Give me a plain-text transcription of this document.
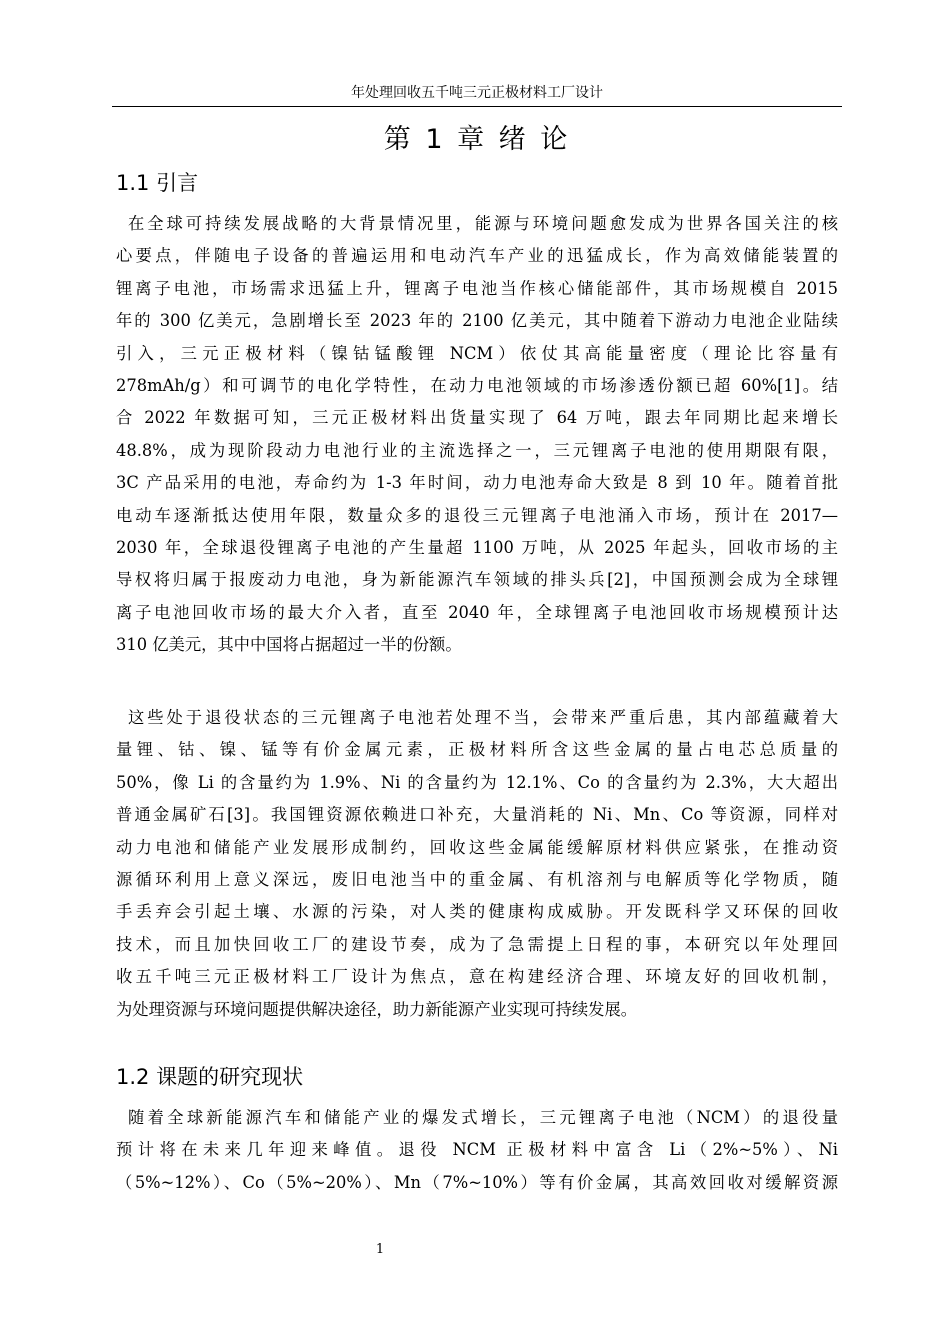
年处理回收五千吨三元正极材料工厂设计
第 1 章 绪 论
1.1 引言

在全球可持续发展战略的大背景情况里，能源与环境问题愈发成为世界各国关注的核
心要点，伴随电子设备的普遍运用和电动汽车产业的迅猛成长，作为高效储能装置的
锂离子电池，市场需求迅猛上升，锂离子电池当作核心储能部件，其市场规模自 2015
年的 300 亿美元，急剧增长至 2023 年的 2100 亿美元，其中随着下游动力电池企业陆续
引入，三元正极材料（镍钴锰酸锂 NCM）依仗其高能量密度（理论比容量有
278mAh/g）和可调节的电化学特性，在动力电池领域的市场渗透份额已超 60%[1]。结
合 2022 年数据可知，三元正极材料出货量实现了 64 万吨，跟去年同期比起来增长
48.8%，成为现阶段动力电池行业的主流选择之一，三元锂离子电池的使用期限有限，
3C 产品采用的电池，寿命约为 1-3 年时间，动力电池寿命大致是 8 到 10 年。随着首批
电动车逐渐抵达使用年限，数量众多的退役三元锂离子电池涌入市场，预计在 2017—
2030 年，全球退役锂离子电池的产生量超 1100 万吨，从 2025 年起头，回收市场的主
导权将归属于报废动力电池，身为新能源汽车领域的排头兵[2]，中国预测会成为全球锂
离子电池回收市场的最大介入者，直至 2040 年，全球锂离子电池回收市场规模预计达
310 亿美元，其中中国将占据超过一半的份额。

这些处于退役状态的三元锂离子电池若处理不当，会带来严重后患，其内部蕴藏着大
量锂、钴、镍、锰等有价金属元素，正极材料所含这些金属的量占电芯总质量的
50%，像 Li 的含量约为 1.9%、Ni 的含量约为 12.1%、Co 的含量约为 2.3%，大大超出
普通金属矿石[3]。我国锂资源依赖进口补充，大量消耗的 Ni、Mn、Co 等资源，同样对
动力电池和储能产业发展形成制约，回收这些金属能缓解原材料供应紧张，在推动资
源循环利用上意义深远，废旧电池当中的重金属、有机溶剂与电解质等化学物质，随
手丢弃会引起土壤、水源的污染，对人类的健康构成威胁。开发既科学又环保的回收
技术，而且加快回收工厂的建设节奏，成为了急需提上日程的事，本研究以年处理回
收五千吨三元正极材料工厂设计为焦点，意在构建经济合理、环境友好的回收机制，
为处理资源与环境问题提供解决途径，助力新能源产业实现可持续发展。

1.2 课题的研究现状

随着全球新能源汽车和储能产业的爆发式增长，三元锂离子电池（NCM）的退役量
预计将在未来几年迎来峰值。退役 NCM 正极材料中富含 Li（2%~5%）、Ni
（5%~12%）、Co（5%~20%）、Mn（7%~10%）等有价金属，其高效回收对缓解资源

1
